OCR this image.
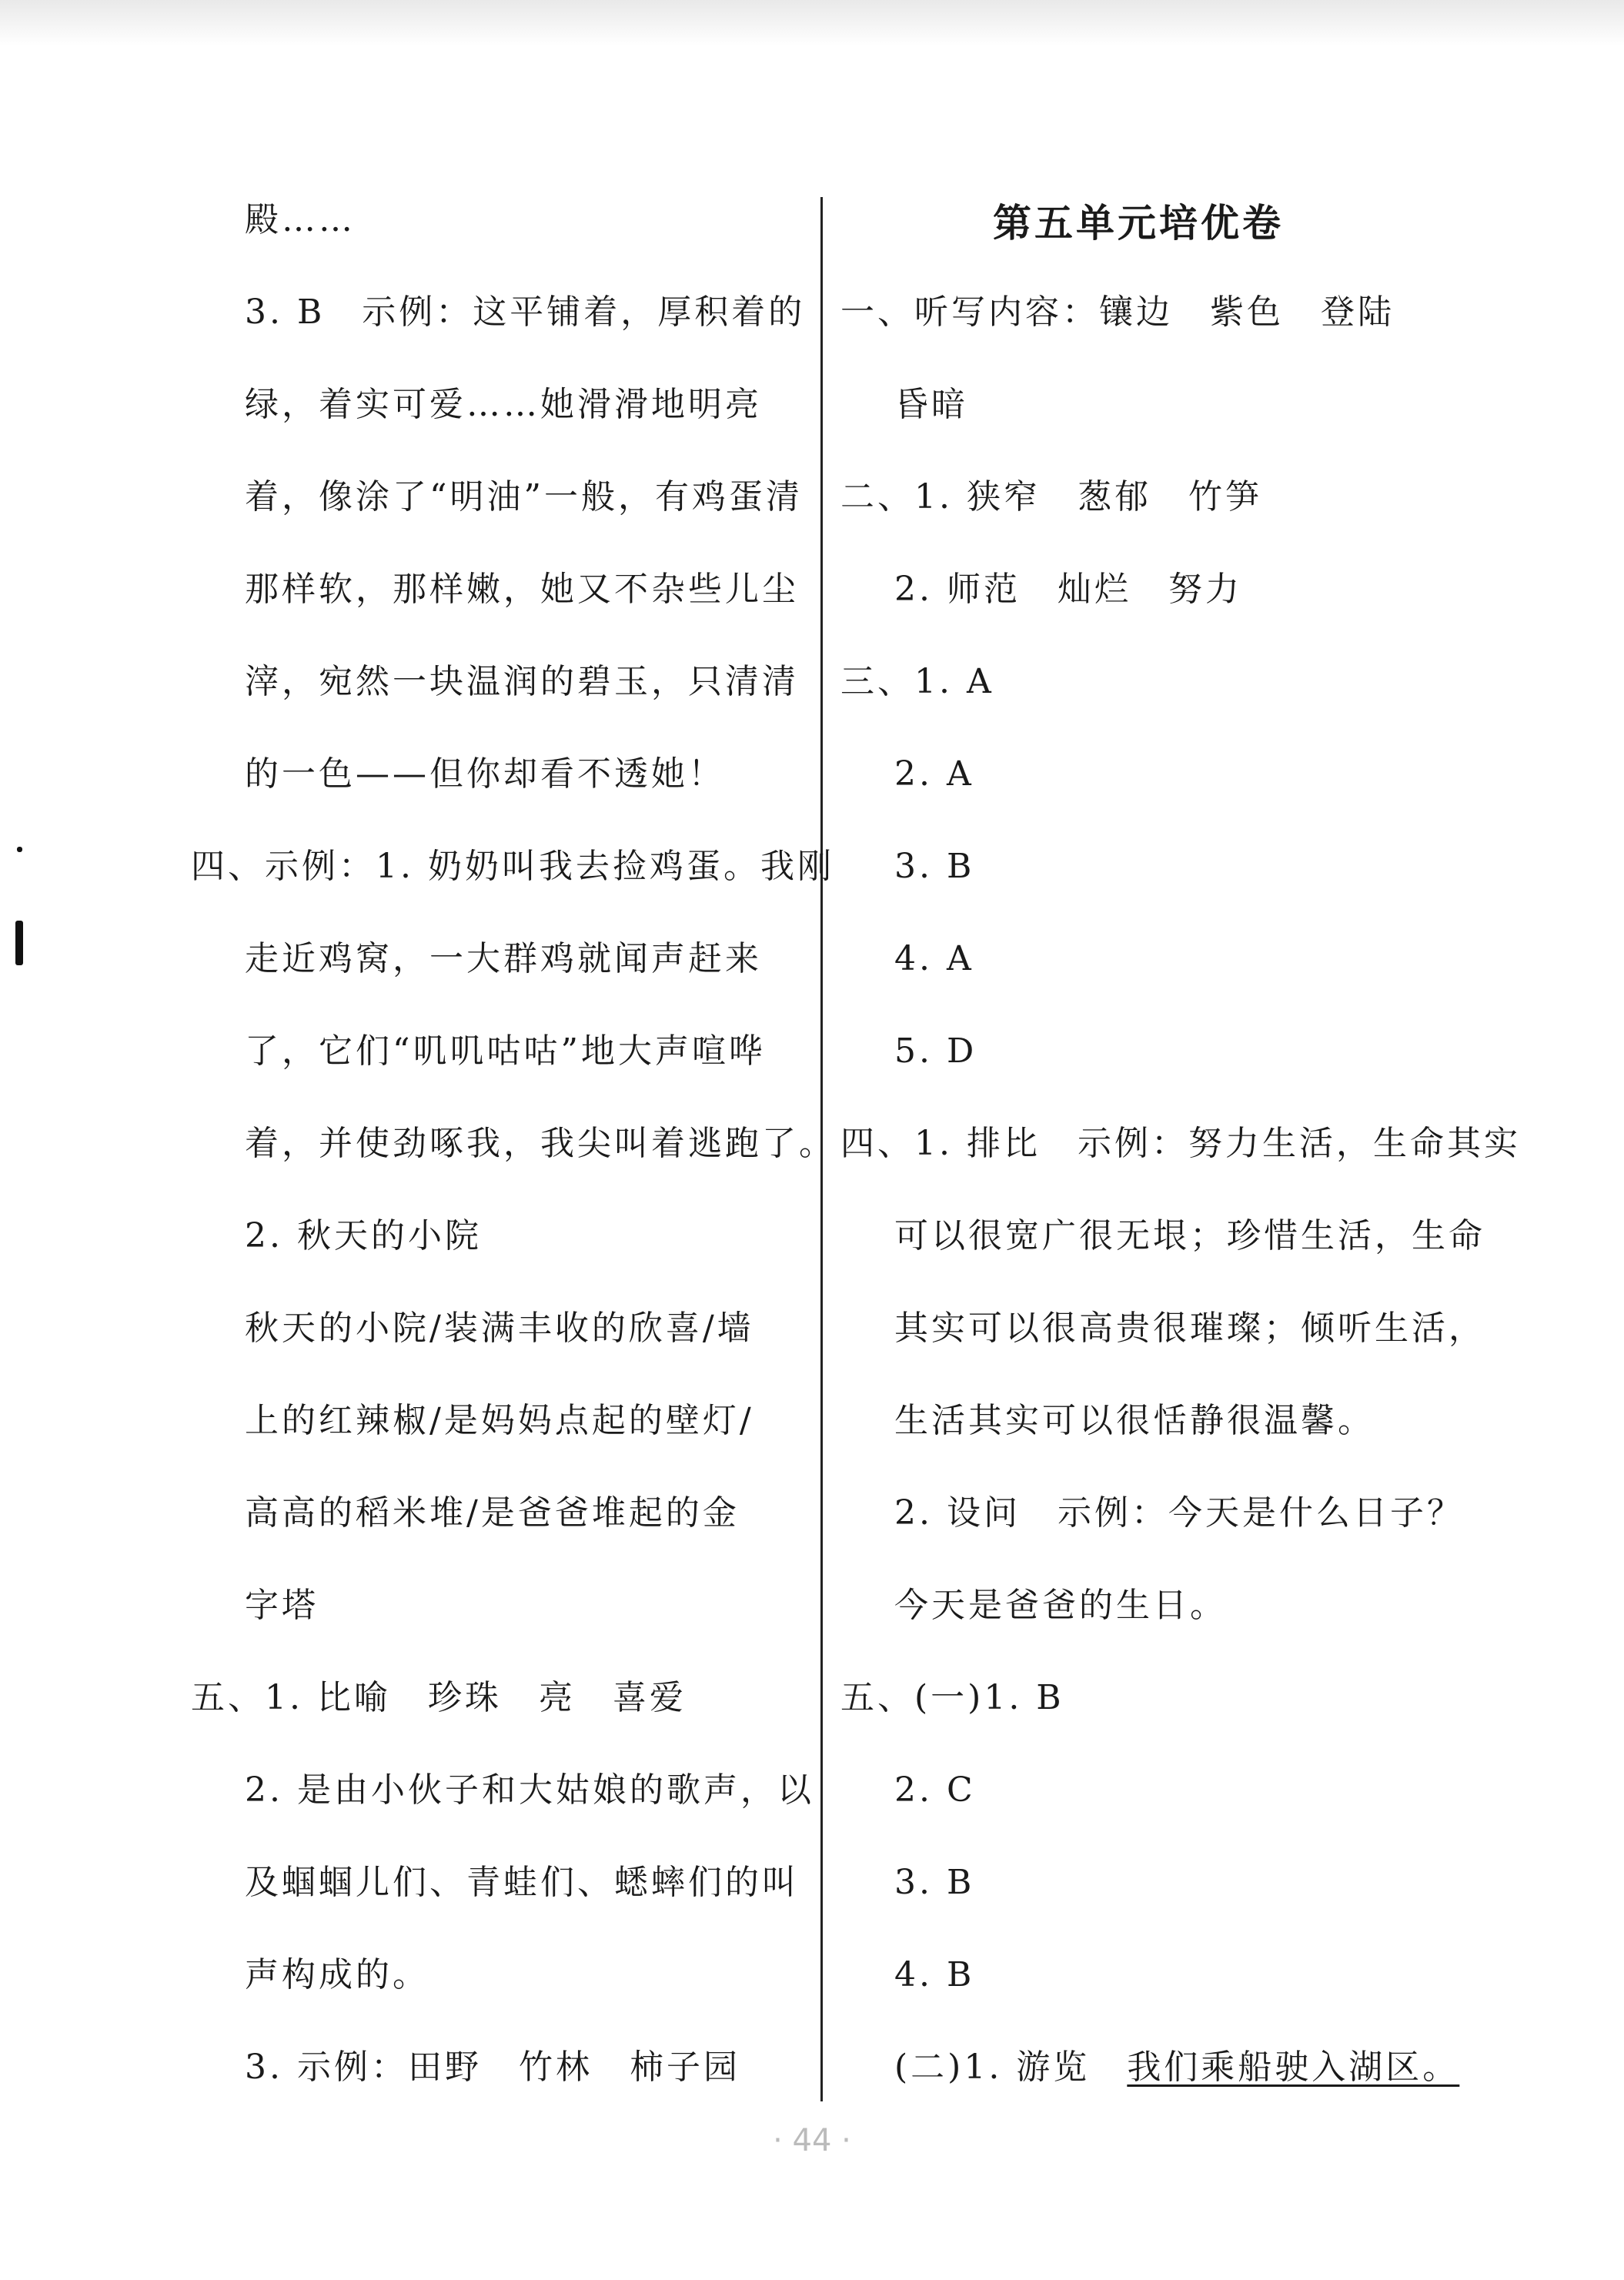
第五单元培优卷
殿……
3. B　示例：这平铺着，厚积着的
绿，着实可爱……她滑滑地明亮
着，像涂了“明油”一般，有鸡蛋清
那样软，那样嫩，她又不杂些儿尘
滓，宛然一块温润的碧玉，只清清
的一色——但你却看不透她！
四、示例：1. 奶奶叫我去捡鸡蛋。我刚
走近鸡窝，一大群鸡就闻声赶来
了，它们“叽叽咕咕”地大声喧哗
着，并使劲啄我，我尖叫着逃跑了。
2. 秋天的小院
秋天的小院/装满丰收的欣喜/墙
上的红辣椒/是妈妈点起的壁灯/
高高的稻米堆/是爸爸堆起的金
字塔
五、1. 比喻　珍珠　亮　喜爱
2. 是由小伙子和大姑娘的歌声，以
及蝈蝈儿们、青蛙们、蟋蟀们的叫
声构成的。
3. 示例：田野　竹林　柿子园
一、听写内容：镶边　紫色　登陆
昏暗
二、1. 狭窄　葱郁　竹笋
2. 师范　灿烂　努力
三、1. A
2. A
3. B
4. A
5. D
四、1. 排比　示例：努力生活，生命其实
可以很宽广很无垠；珍惜生活，生命
其实可以很高贵很璀璨；倾听生活，
生活其实可以很恬静很温馨。
2. 设问　示例：今天是什么日子？
今天是爸爸的生日。
五、(一)1. B
2. C
3. B
4. B
(二)1. 游览　我们乘船驶入湖区。
· 44 ·
